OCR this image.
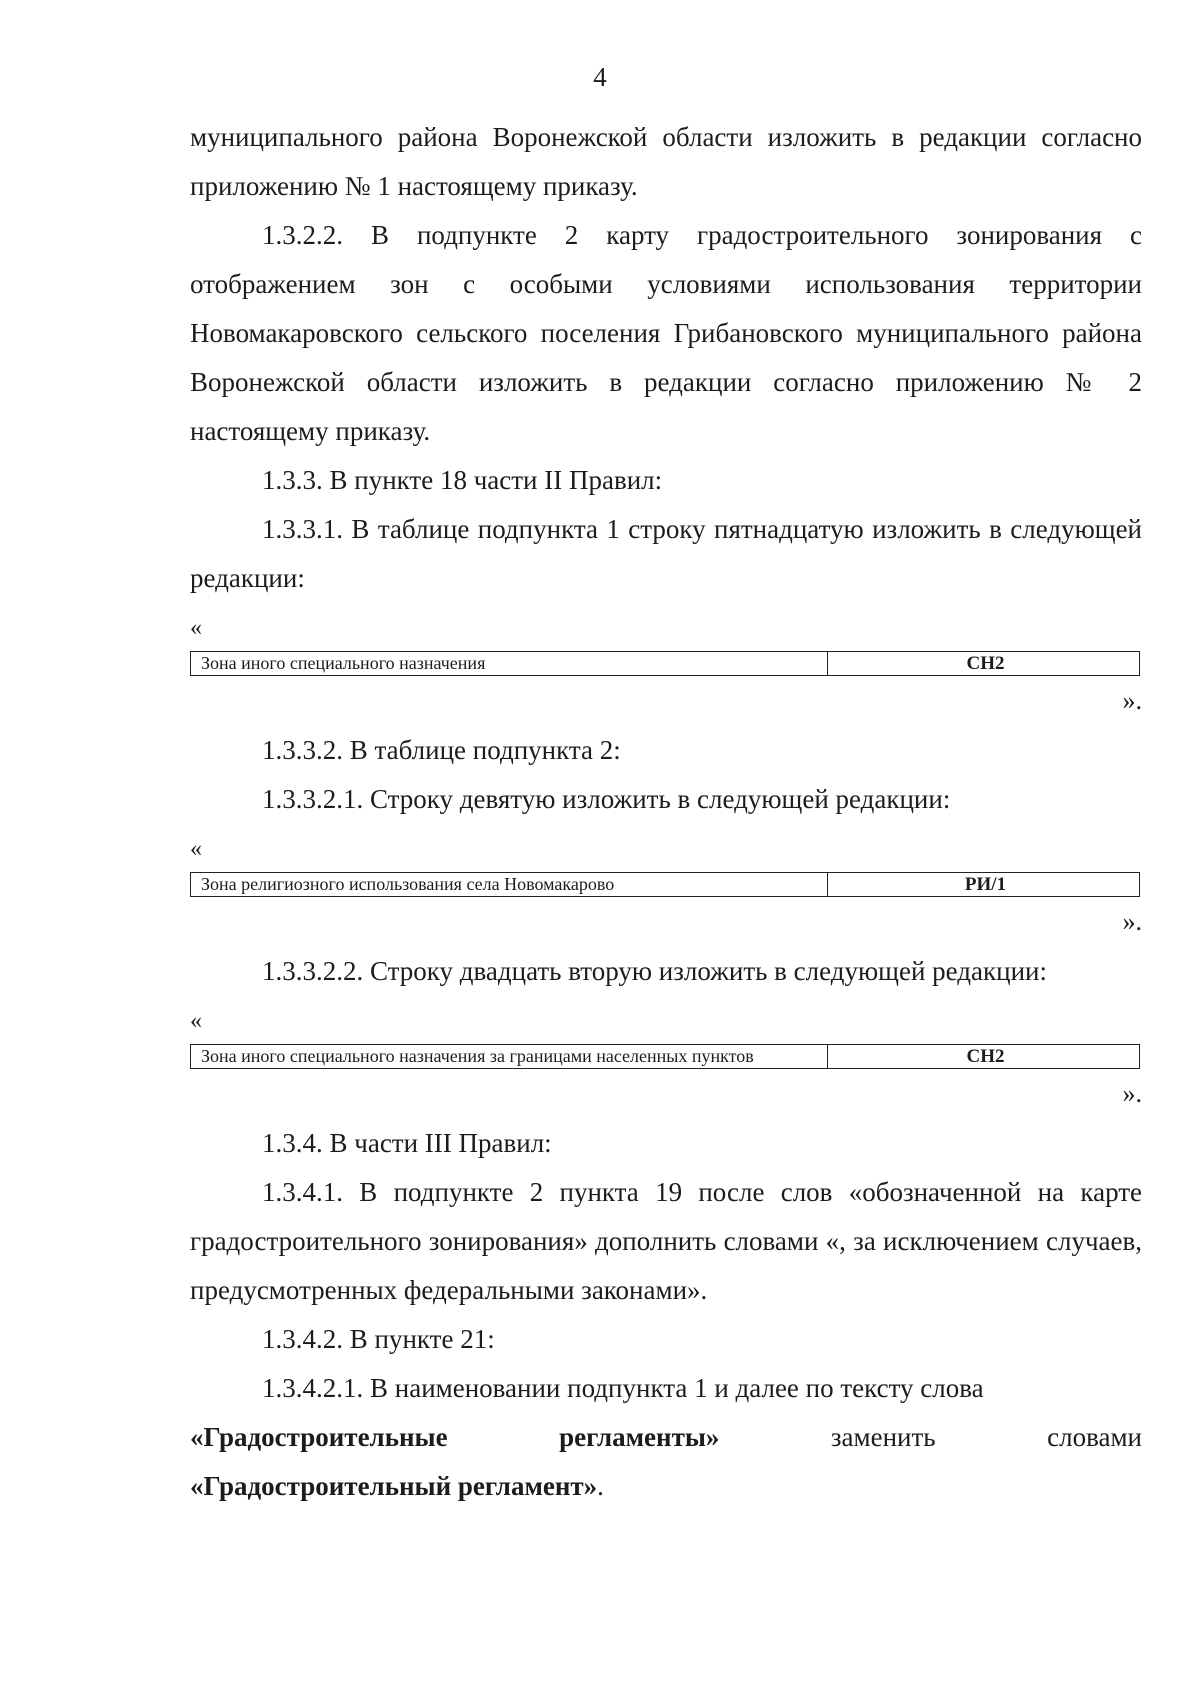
4

муниципального района Воронежской области изложить в редакции согласно приложению № 1 настоящему приказу.

1.3.2.2. В подпункте 2 карту градостроительного зонирования с отображением зон с особыми условиями использования территории Новомакаровского сельского поселения Грибановского муниципального района Воронежской области изложить в редакции согласно приложению № 2 настоящему приказу.

1.3.3. В пункте 18 части II Правил:

1.3.3.1. В таблице подпункта 1 строку пятнадцатую изложить в следующей редакции:

«
Зона иного специального назначения	СН2
».

1.3.3.2. В таблице подпункта 2:

1.3.3.2.1. Строку девятую изложить в следующей редакции:

«
Зона религиозного использования села Новомакарово	РИ/1
».

1.3.3.2.2. Строку двадцать вторую изложить в следующей редакции:

«
Зона иного специального назначения за границами населенных пунктов	СН2
».

1.3.4. В части III Правил:

1.3.4.1. В подпункте 2 пункта 19 после слов «обозначенной на карте градостроительного зонирования» дополнить словами «, за исключением случаев, предусмотренных федеральными законами».

1.3.4.2. В пункте 21:

1.3.4.2.1. В наименовании подпункта 1 и далее по тексту слова

«Градостроительные	регламенты»	заменить	словами

«Градостроительный регламент».
